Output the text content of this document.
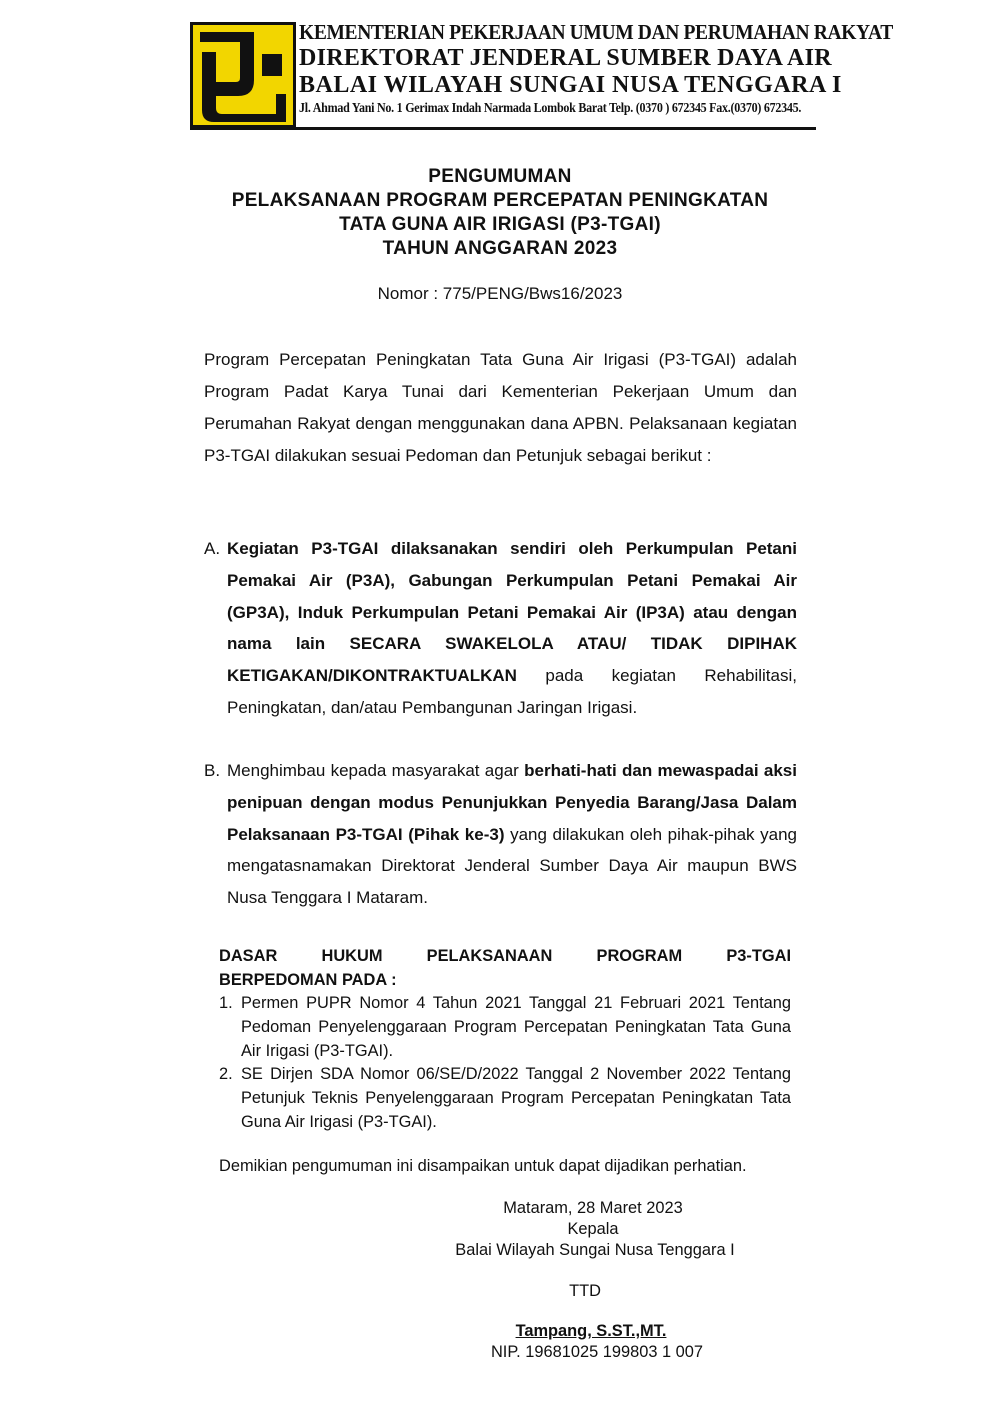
KEMENTERIAN PEKERJAAN UMUM DAN PERUMAHAN RAKYAT
DIREKTORAT JENDERAL SUMBER DAYA AIR
BALAI WILAYAH SUNGAI NUSA TENGGARA I
Jl. Ahmad Yani No. 1 Gerimax Indah Narmada Lombok Barat Telp. (0370 ) 672345 Fax.(0370) 672345.
PENGUMUMAN
PELAKSANAAN PROGRAM PERCEPATAN PENINGKATAN
TATA GUNA AIR IRIGASI (P3-TGAI)
TAHUN ANGGARAN 2023
Nomor : 775/PENG/Bws16/2023
Program Percepatan Peningkatan Tata Guna Air Irigasi (P3-TGAI) adalah Program Padat Karya Tunai dari Kementerian Pekerjaan Umum dan Perumahan Rakyat dengan menggunakan dana APBN. Pelaksanaan kegiatan P3-TGAI dilakukan sesuai Pedoman dan Petunjuk sebagai berikut :
A. Kegiatan P3-TGAI dilaksanakan sendiri oleh Perkumpulan Petani Pemakai Air (P3A), Gabungan Perkumpulan Petani Pemakai Air (GP3A), Induk Perkumpulan Petani Pemakai Air (IP3A) atau dengan nama lain SECARA SWAKELOLA ATAU/ TIDAK DIPIHAK KETIGAKAN/DIKONTRAKTUALKAN pada kegiatan Rehabilitasi, Peningkatan, dan/atau Pembangunan Jaringan Irigasi.
B. Menghimbau kepada masyarakat agar berhati-hati dan mewaspadai aksi penipuan dengan modus Penunjukkan Penyedia Barang/Jasa Dalam Pelaksanaan P3-TGAI (Pihak ke-3) yang dilakukan oleh pihak-pihak yang mengatasnamakan Direktorat Jenderal Sumber Daya Air maupun BWS Nusa Tenggara I Mataram.
DASAR HUKUM PELAKSANAAN PROGRAM P3-TGAI
BERPEDOMAN PADA :
1. Permen PUPR Nomor 4 Tahun 2021 Tanggal 21 Februari 2021 Tentang Pedoman Penyelenggaraan Program Percepatan Peningkatan Tata Guna Air Irigasi (P3-TGAI).
2. SE Dirjen SDA Nomor 06/SE/D/2022 Tanggal 2 November 2022 Tentang Petunjuk Teknis Penyelenggaraan Program Percepatan Peningkatan Tata Guna Air Irigasi (P3-TGAI).
Demikian pengumuman ini disampaikan untuk dapat dijadikan perhatian.
Mataram, 28 Maret 2023
Kepala
Balai Wilayah Sungai Nusa Tenggara I
TTD
Tampang, S.ST.,MT.
NIP. 19681025 199803 1 007
